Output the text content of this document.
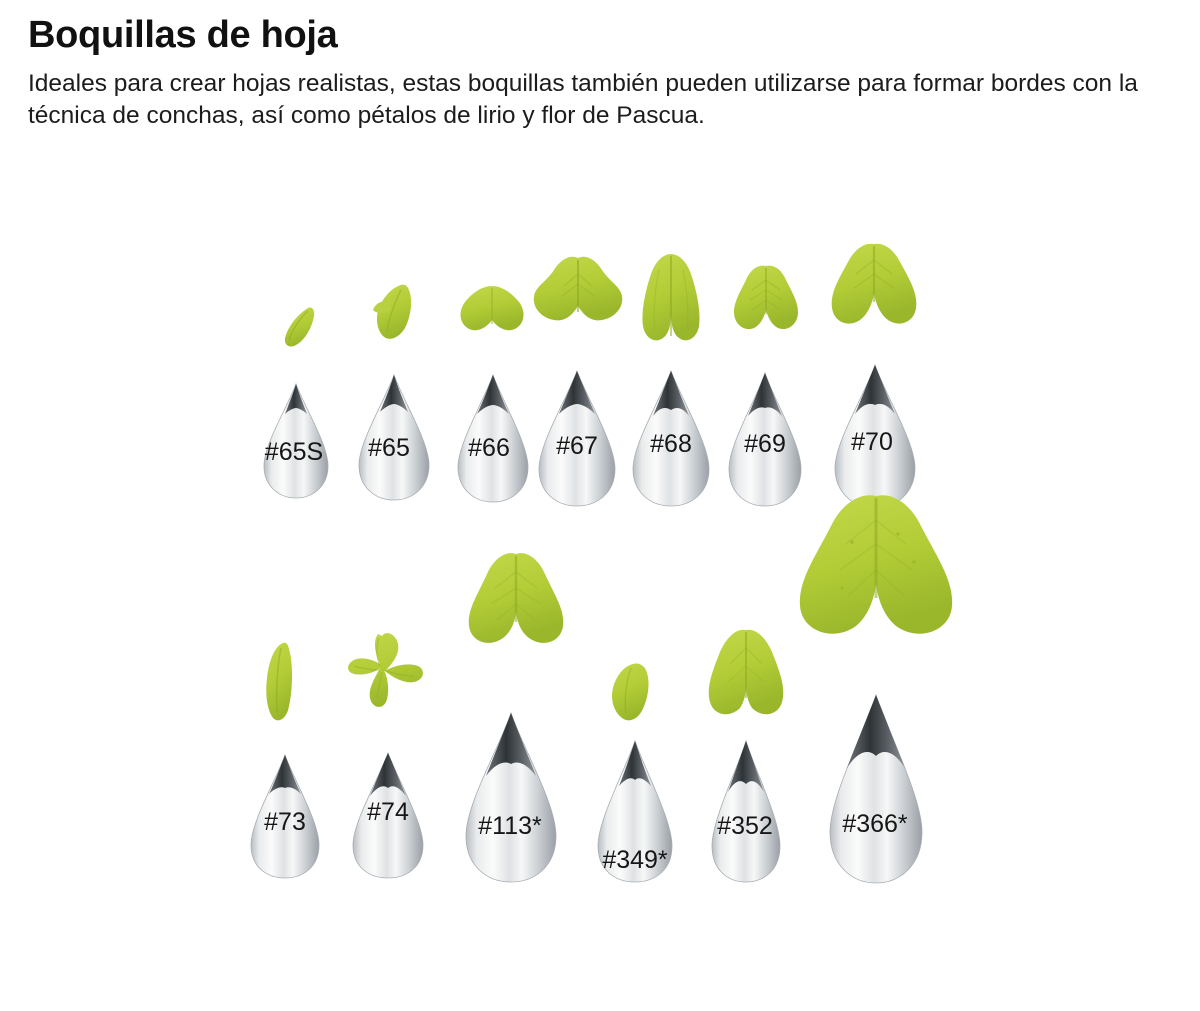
Boquillas de hoja

Ideales para crear hojas realistas, estas boquillas también pueden utilizarse para formar bordes con la técnica de conchas, así como pétalos de lirio y flor de Pascua.

#65S	#65	#66	#67	#68	#69	#70
#73	#74	#113*
#349*
#352	#366*
